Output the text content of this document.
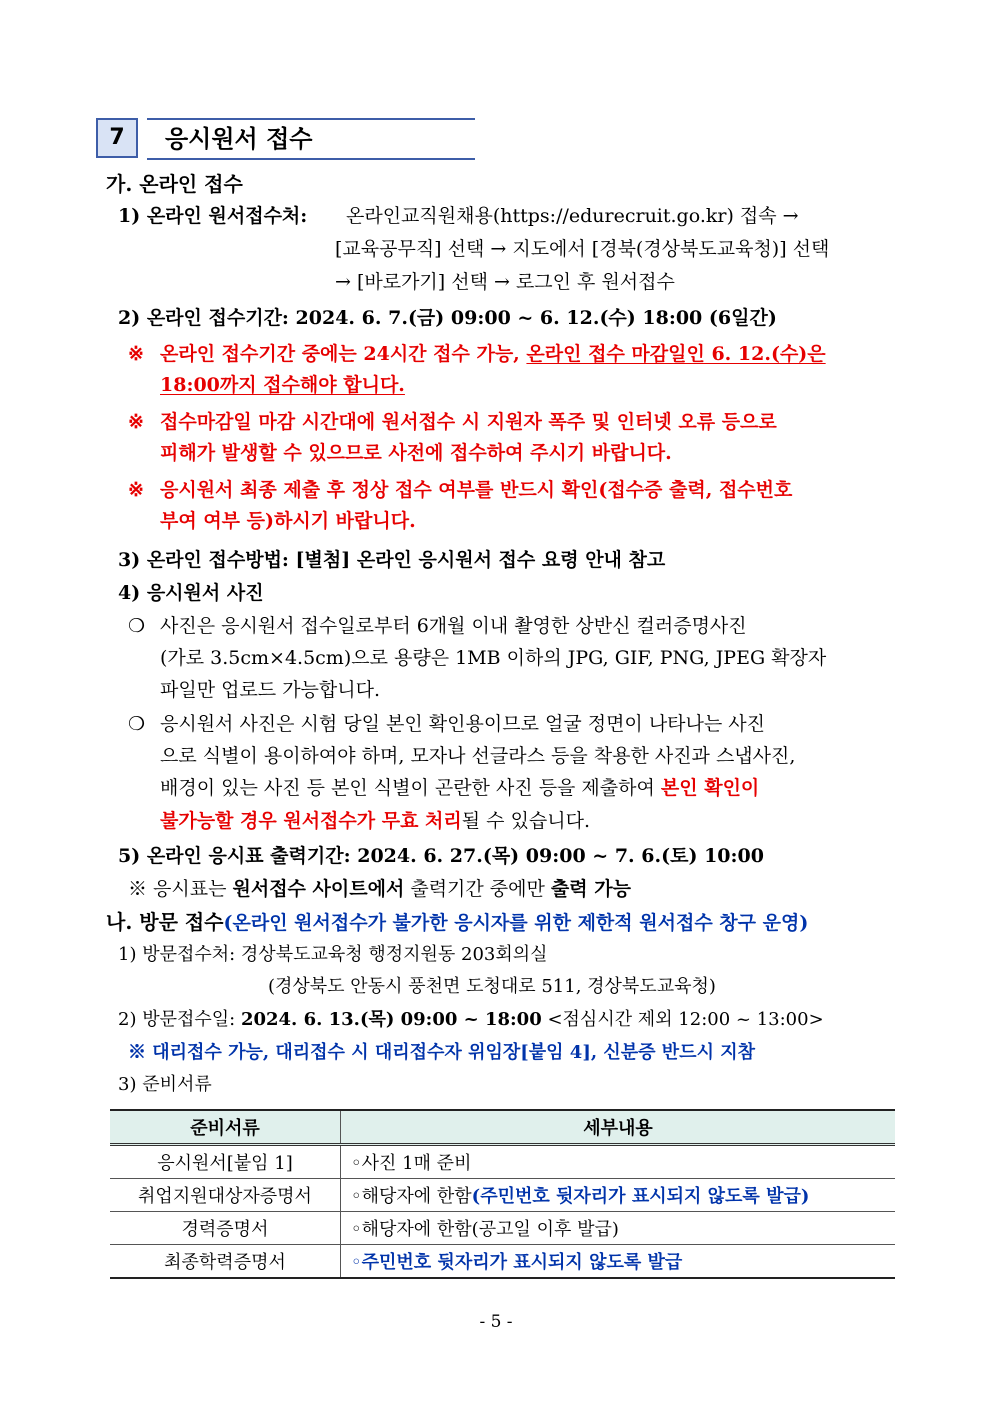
7	응시원서 접수
가. 온라인 접수
1) 온라인 원서접수처: 온라인교직원채용(https://edurecruit.go.kr) 접속 →
[교육공무직] 선택 → 지도에서 [경북(경상북도교육청)] 선택
→ [바로가기] 선택 → 로그인 후 원서접수
2) 온라인 접수기간: 2024. 6. 7.(금) 09:00 ~ 6. 12.(수) 18:00 (6일간)
※ 온라인 접수기간 중에는 24시간 접수 가능, 온라인 접수 마감일인 6. 12.(수)은
18:00까지 접수해야 합니다.
※ 접수마감일 마감 시간대에 원서접수 시 지원자 폭주 및 인터넷 오류 등으로
피해가 발생할 수 있으므로 사전에 접수하여 주시기 바랍니다.
※ 응시원서 최종 제출 후 정상 접수 여부를 반드시 확인(접수증 출력, 접수번호
부여 여부 등)하시기 바랍니다.
3) 온라인 접수방법: [별첨] 온라인 응시원서 접수 요령 안내 참고
4) 응시원서 사진
❍ 사진은 응시원서 접수일로부터 6개월 이내 촬영한 상반신 컬러증명사진
(가로 3.5cm×4.5cm)으로 용량은 1MB 이하의 JPG, GIF, PNG, JPEG 확장자
파일만 업로드 가능합니다.
❍ 응시원서 사진은 시험 당일 본인 확인용이므로 얼굴 정면이 나타나는 사진
으로 식별이 용이하여야 하며, 모자나 선글라스 등을 착용한 사진과 스냅사진,
배경이 있는 사진 등 본인 식별이 곤란한 사진 등을 제출하여 본인 확인이
불가능할 경우 원서접수가 무효 처리될 수 있습니다.
5) 온라인 응시표 출력기간: 2024. 6. 27.(목) 09:00 ~ 7. 6.(토) 10:00
※ 응시표는 원서접수 사이트에서 출력기간 중에만 출력 가능
나. 방문 접수(온라인 원서접수가 불가한 응시자를 위한 제한적 원서접수 창구 운영)
1) 방문접수처: 경상북도교육청 행정지원동 203회의실
(경상북도 안동시 풍천면 도청대로 511, 경상북도교육청)
2) 방문접수일: 2024. 6. 13.(목) 09:00 ~ 18:00 <점심시간 제외 12:00 ~ 13:00>
※ 대리접수 가능, 대리접수 시 대리접수자 위임장[붙임 4], 신분증 반드시 지참
3) 준비서류
준비서류	세부내용
응시원서[붙임 1]	◦사진 1매 준비
취업지원대상자증명서	◦해당자에 한함(주민번호 뒷자리가 표시되지 않도록 발급)
경력증명서	◦해당자에 한함(공고일 이후 발급)
최종학력증명서	◦주민번호 뒷자리가 표시되지 않도록 발급
- 5 -
